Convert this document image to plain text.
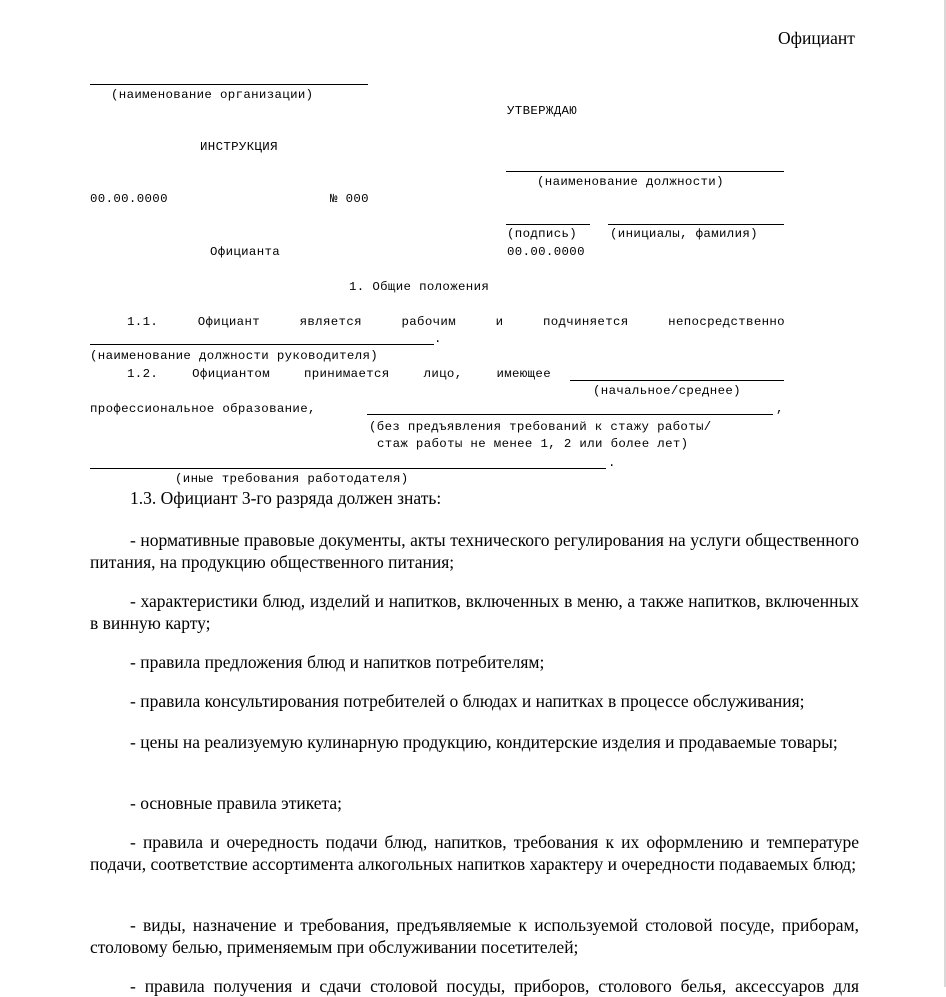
Официант
(наименование организации)
УТВЕРЖДАЮ
(наименование должности)
(подпись)	(инициалы, фамилия)
00.00.0000
ИНСТРУКЦИЯ
00.00.0000	№ 000
Официанта
1. Общие положения
1.1.	Официант	является	рабочим	и	подчиняется	непосредственно
.
(наименование должности руководителя)
1.2.	Официантом	принимается	лицо,	имеющее
(начальное/среднее)
профессиональное образование,	,
(без предъявления требований к стажу работы/
стаж работы не менее 1, 2 или более лет)
.
(иные требования работодателя)
1.3. Официант 3-го разряда должен знать:
- нормативные правовые документы, акты технического регулирования на услуги общественного питания, на продукцию общественного питания;
- характеристики блюд, изделий и напитков, включенных в меню, а также напитков, включенных в винную карту;
- правила предложения блюд и напитков потребителям;
- правила консультирования потребителей о блюдах и напитках в процессе обслуживания;
- цены на реализуемую кулинарную продукцию, кондитерские изделия и продаваемые товары;
- основные правила этикета;
- правила и очередность подачи блюд, напитков, требования к их оформлению и температуре подачи, соответствие ассортимента алкогольных напитков характеру и очередности подаваемых блюд;
- виды, назначение и требования, предъявляемые к используемой столовой посуде, приборам, столовому белью, применяемым при обслуживании посетителей;
- правила получения и сдачи столовой посуды, приборов, столового белья, аксессуаров для
